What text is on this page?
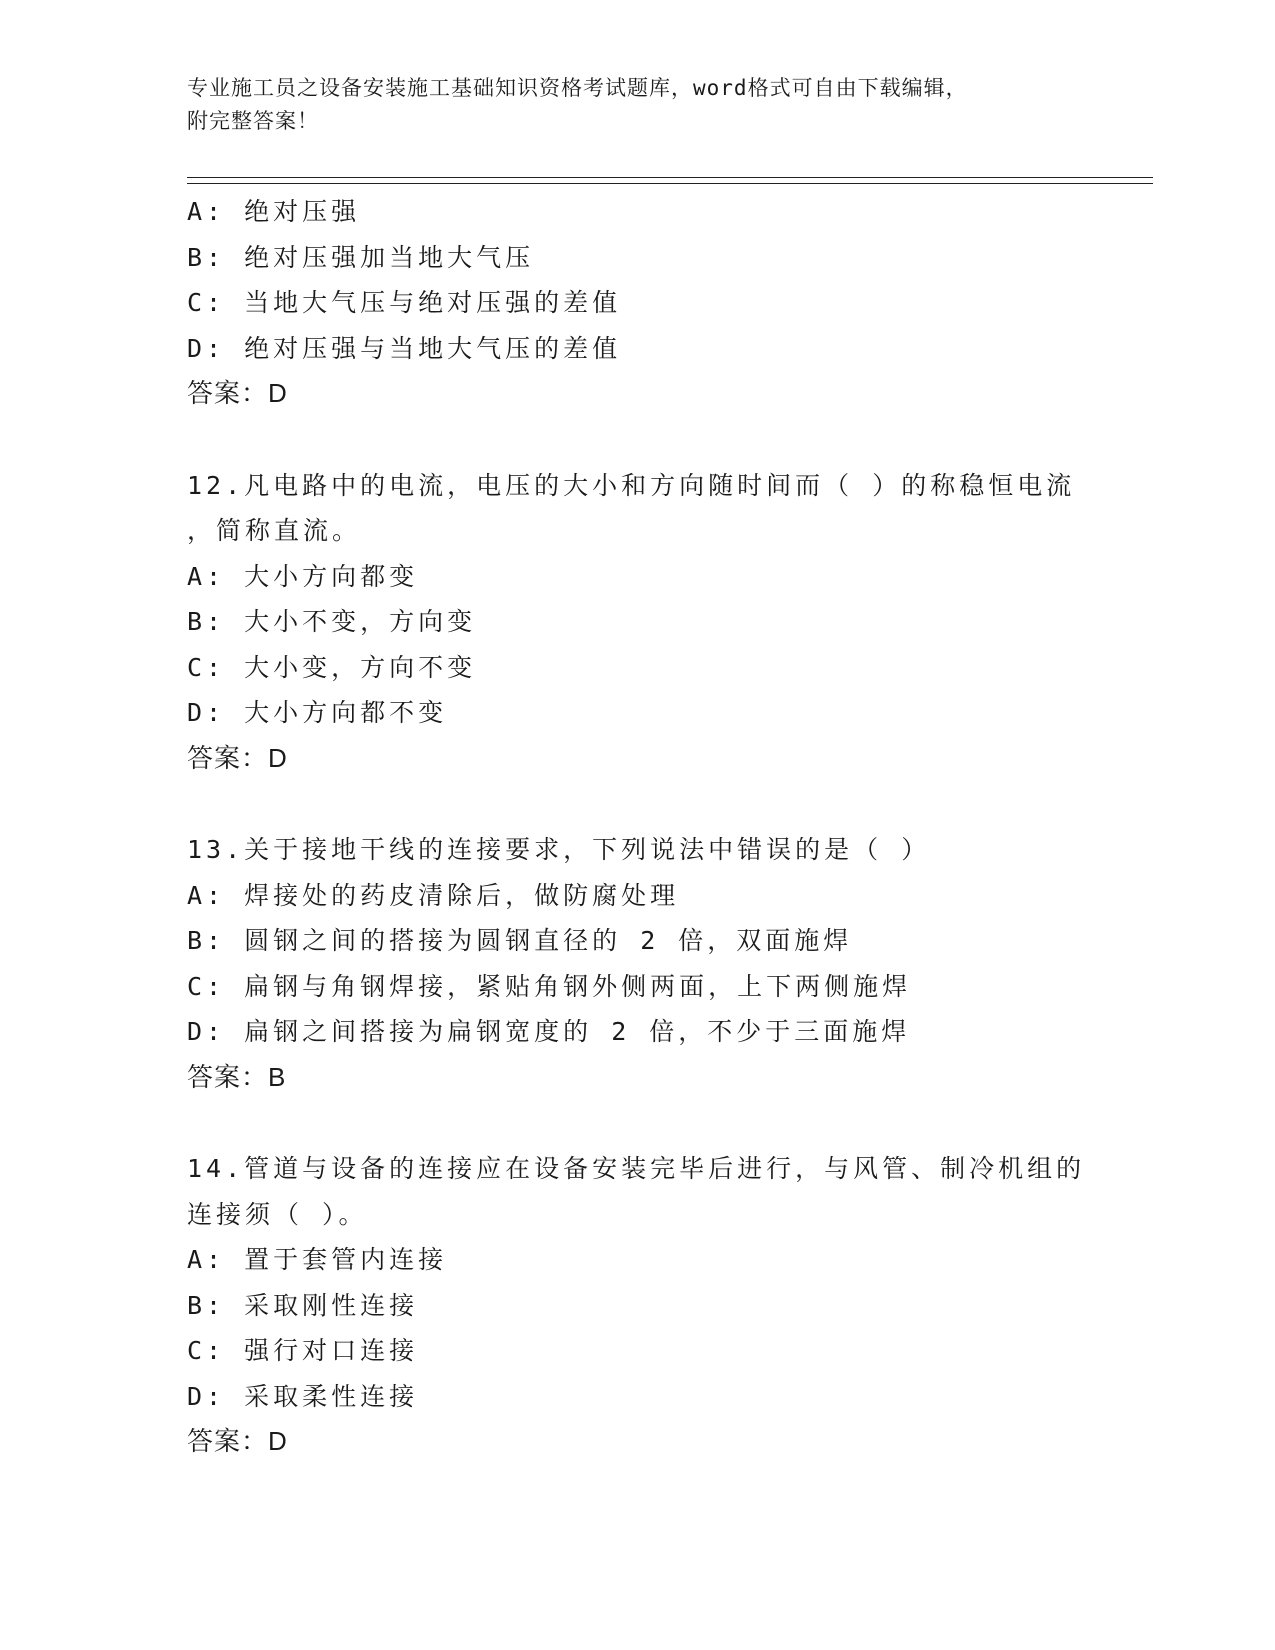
专业施工员之设备安装施工基础知识资格考试题库，word格式可自由下载编辑，
附完整答案！
A: 绝对压强
B: 绝对压强加当地大气压
C: 当地大气压与绝对压强的差值
D: 绝对压强与当地大气压的差值
答案：D
12.凡电路中的电流，电压的大小和方向随时间而（ ）的称稳恒电流
，简称直流。
A: 大小方向都变
B: 大小不变，方向变
C: 大小变，方向不变
D: 大小方向都不变
答案：D
13.关于接地干线的连接要求，下列说法中错误的是（ ）
A: 焊接处的药皮清除后，做防腐处理
B: 圆钢之间的搭接为圆钢直径的 2 倍，双面施焊
C: 扁钢与角钢焊接，紧贴角钢外侧两面，上下两侧施焊
D: 扁钢之间搭接为扁钢宽度的 2 倍，不少于三面施焊
答案：B
14.管道与设备的连接应在设备安装完毕后进行，与风管、制冷机组的
连接须（ ）。
A: 置于套管内连接
B: 采取刚性连接
C: 强行对口连接
D: 采取柔性连接
答案：D
